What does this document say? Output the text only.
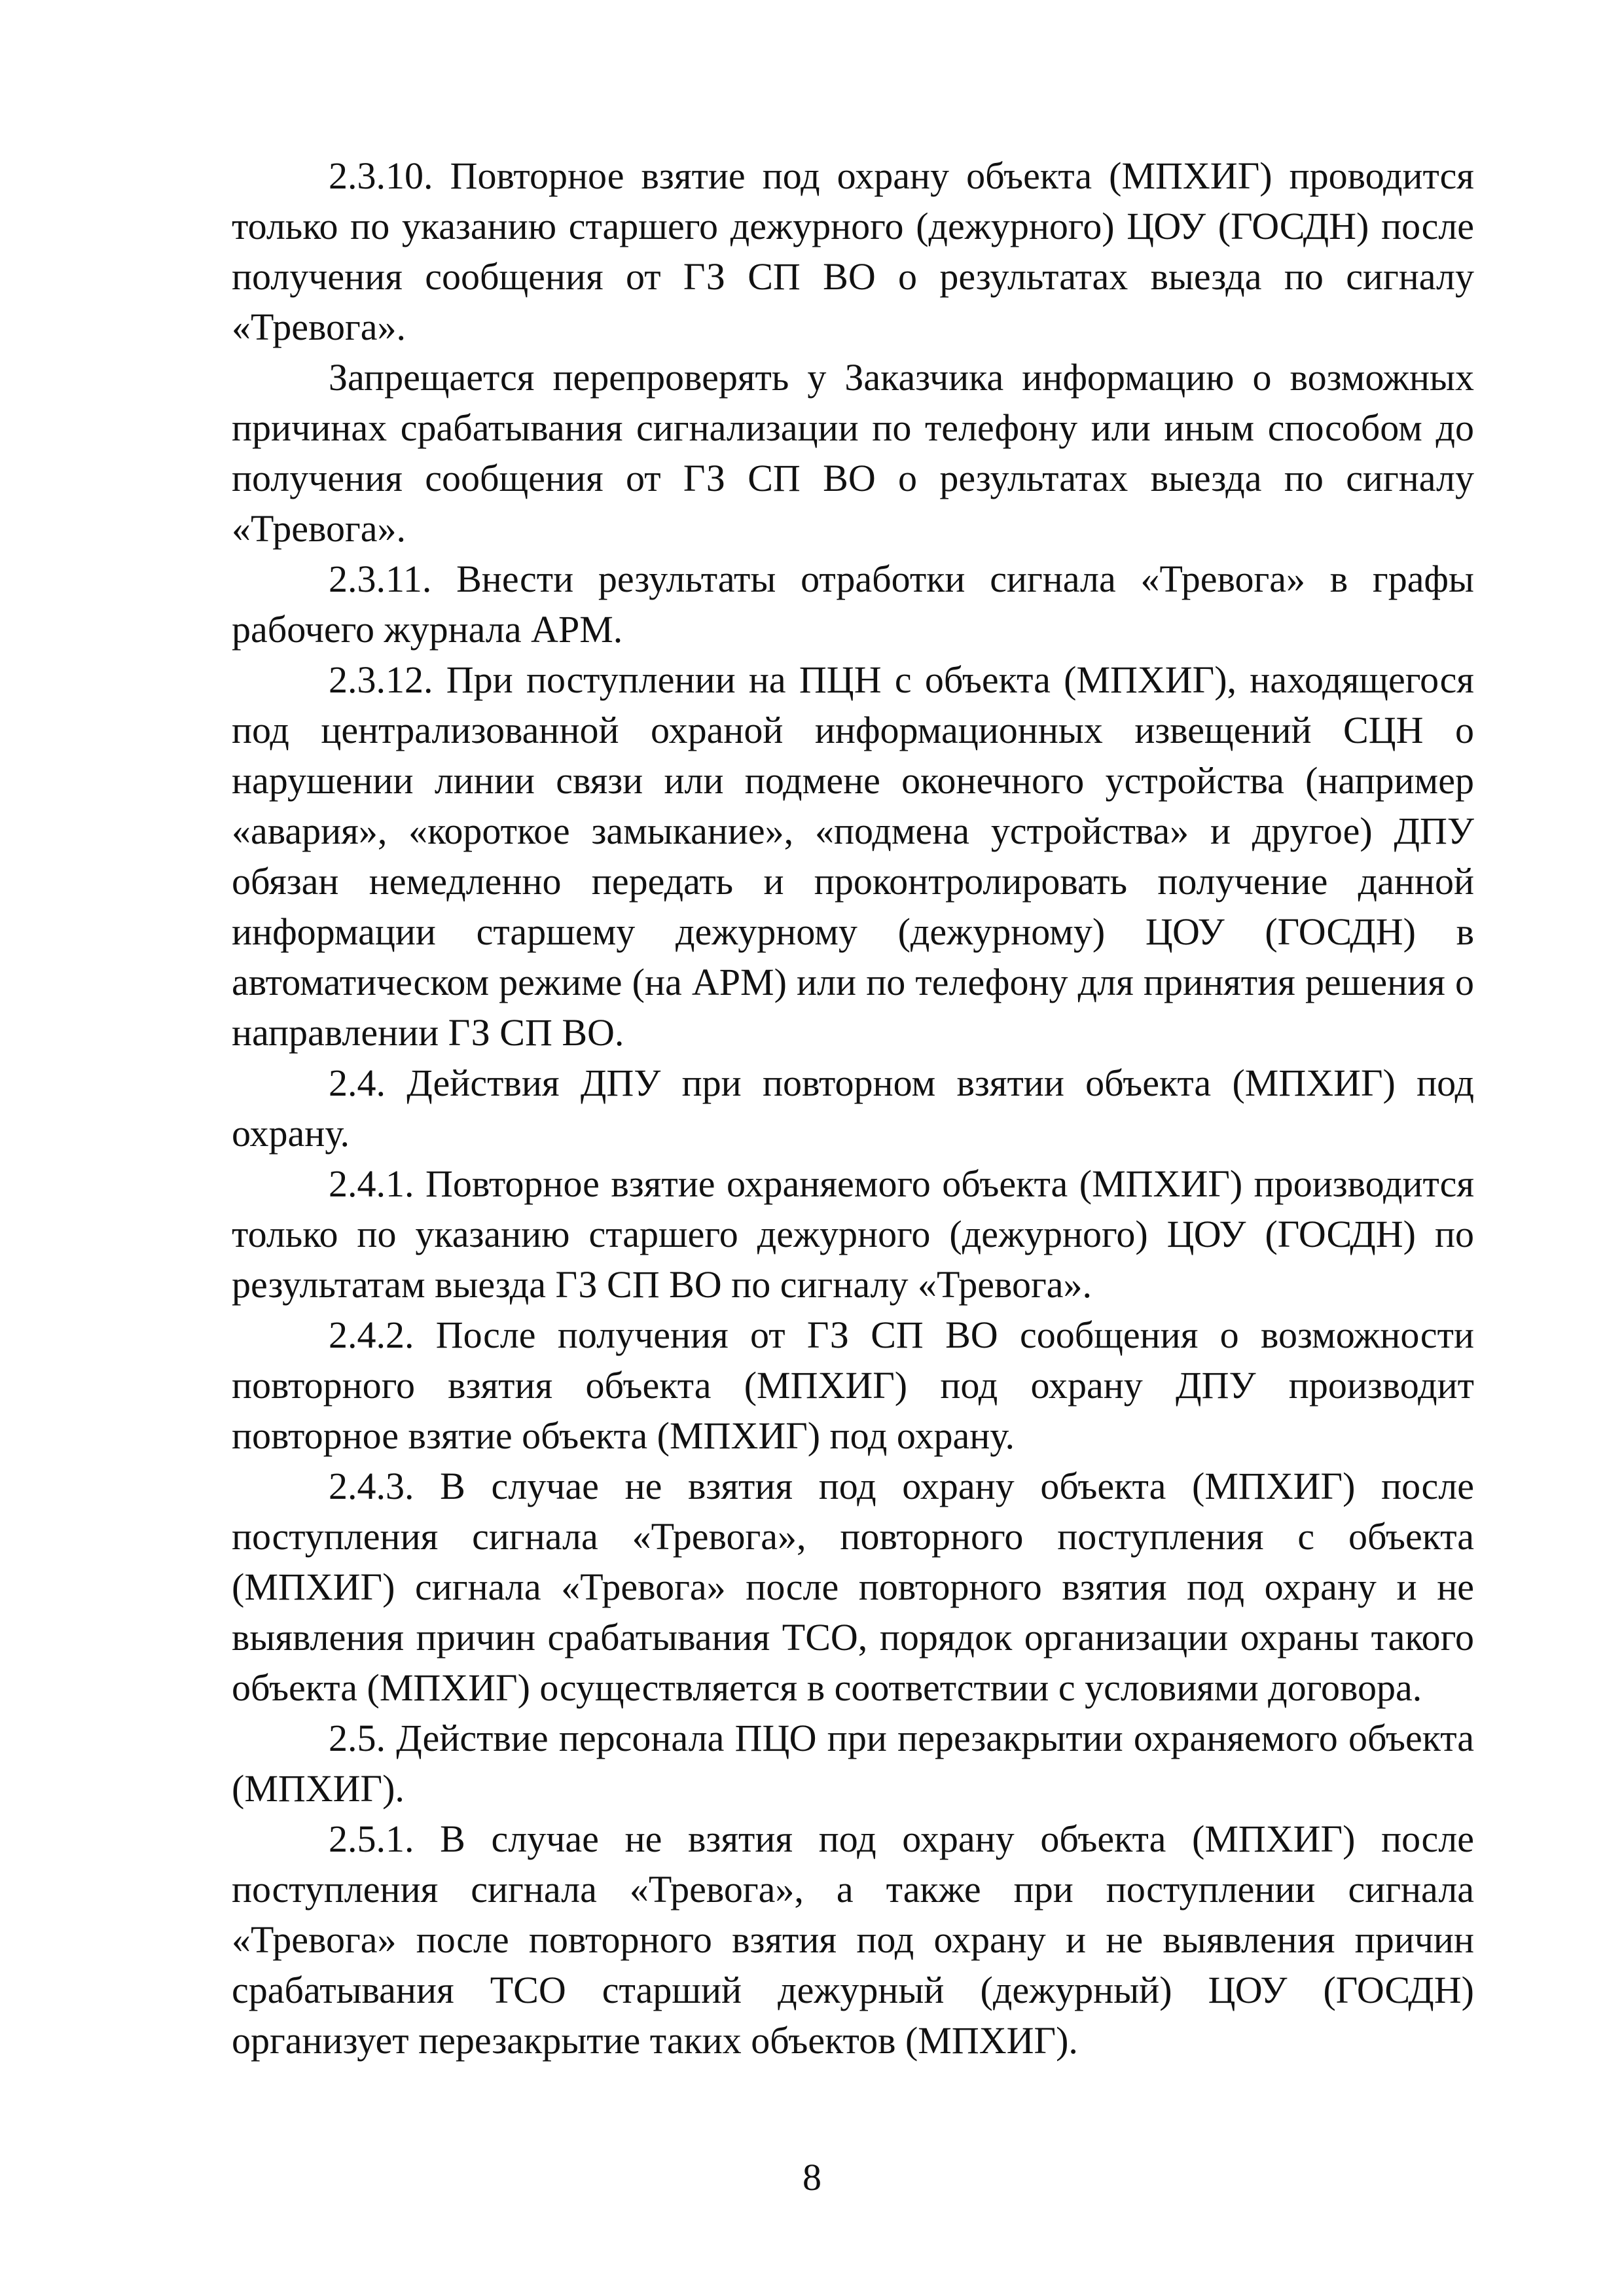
2.3.10. Повторное взятие под охрану объекта (МПХИГ) проводится только по указанию старшего дежурного (дежурного) ЦОУ (ГОСДН) после получения сообщения от ГЗ СП ВО о результатах выезда по сигналу «Тревога».

Запрещается перепроверять у Заказчика информацию о возможных причинах срабатывания сигнализации по телефону или иным способом до получения сообщения от ГЗ СП ВО о результатах выезда по сигналу «Тревога».

2.3.11. Внести результаты отработки сигнала «Тревога» в графы рабочего журнала АРМ.

2.3.12. При поступлении на ПЦН с объекта (МПХИГ), находящегося под централизованной охраной информационных извещений СЦН о нарушении линии связи или подмене оконечного устройства (например «авария», «короткое замыкание», «подмена устройства» и другое) ДПУ обязан немедленно передать и проконтролировать получение данной информации старшему дежурному (дежурному) ЦОУ (ГОСДН) в автоматическом режиме (на АРМ) или по телефону для принятия решения о направлении ГЗ СП ВО.

2.4. Действия ДПУ при повторном взятии объекта (МПХИГ) под охрану.

2.4.1. Повторное взятие охраняемого объекта (МПХИГ) производится только по указанию старшего дежурного (дежурного) ЦОУ (ГОСДН) по результатам выезда ГЗ СП ВО по сигналу «Тревога».

2.4.2. После получения от ГЗ СП ВО сообщения о возможности повторного взятия объекта (МПХИГ) под охрану ДПУ производит повторное взятие объекта (МПХИГ) под охрану.

2.4.3. В случае не взятия под охрану объекта (МПХИГ) после поступления сигнала «Тревога», повторного поступления с объекта (МПХИГ) сигнала «Тревога» после повторного взятия под охрану и не выявления причин срабатывания ТСО, порядок организации охраны такого объекта (МПХИГ) осуществляется в соответствии с условиями договора.

2.5. Действие персонала ПЦО при перезакрытии охраняемого объекта (МПХИГ).

2.5.1. В случае не взятия под охрану объекта (МПХИГ) после поступления сигнала «Тревога», а также при поступлении сигнала «Тревога» после повторного взятия под охрану и не выявления причин срабатывания ТСО старший дежурный (дежурный) ЦОУ (ГОСДН) организует перезакрытие таких объектов (МПХИГ).

8
